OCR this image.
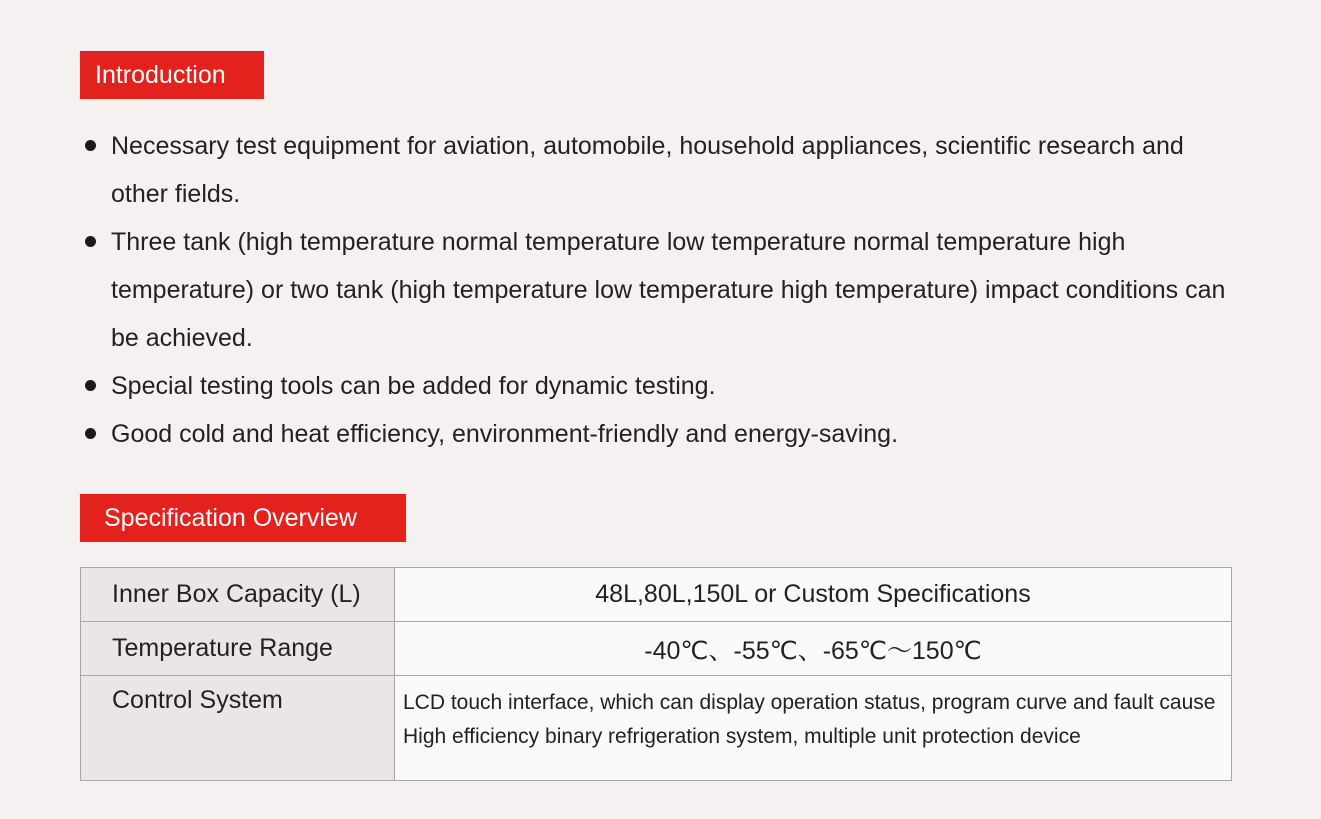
Introduction
Necessary test equipment for aviation, automobile, household appliances, scientific research and other fields.
Three tank (high temperature normal temperature low temperature normal temperature high temperature) or two tank (high temperature low temperature high temperature) impact conditions can be achieved.
Special testing tools can be added for dynamic testing.
Good cold and heat efficiency, environment-friendly and energy-saving.
Specification Overview
Inner Box Capacity (L)	48L,80L,150L or Custom Specifications
Temperature Range	-40℃、-55℃、-65℃～150℃
Control System	LCD touch interface, which can display operation status, program curve and fault cause
High efficiency binary refrigeration system, multiple unit protection device
